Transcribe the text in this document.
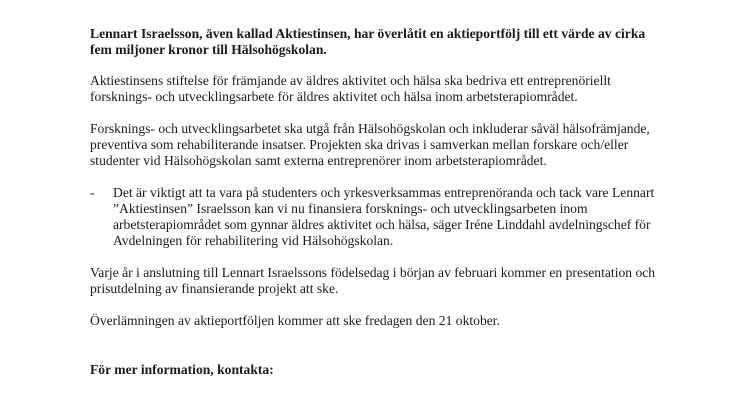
Lennart Israelsson, även kallad Aktiestinsen, har överlåtit en aktieportfölj till ett värde av cirka fem miljoner kronor till Hälsohögskolan.

Aktiestinsens stiftelse för främjande av äldres aktivitet och hälsa ska bedriva ett entreprenöriellt forsknings- och utvecklingsarbete för äldres aktivitet och hälsa inom arbetsterapiområdet.

Forsknings- och utvecklingsarbetet ska utgå från Hälsohögskolan och inkluderar såväl hälsofrämjande, preventiva som rehabiliterande insatser. Projekten ska drivas i samverkan mellan forskare och/eller studenter vid Hälsohögskolan samt externa entreprenörer inom arbetsterapiområdet.

-	Det är viktigt att ta vara på studenters och yrkesverksammas entreprenöranda och tack vare Lennart ”Aktiestinsen” Israelsson kan vi nu finansiera forsknings- och utvecklingsarbeten inom arbetsterapiområdet som gynnar äldres aktivitet och hälsa, säger Iréne Linddahl avdelningschef för Avdelningen för rehabilitering vid Hälsohögskolan.

Varje år i anslutning till Lennart Israelssons födelsedag i början av februari kommer en presentation och prisutdelning av finansierande projekt att ske.

Överlämningen av aktieportföljen kommer att ske fredagen den 21 oktober.

För mer information, kontakta:
